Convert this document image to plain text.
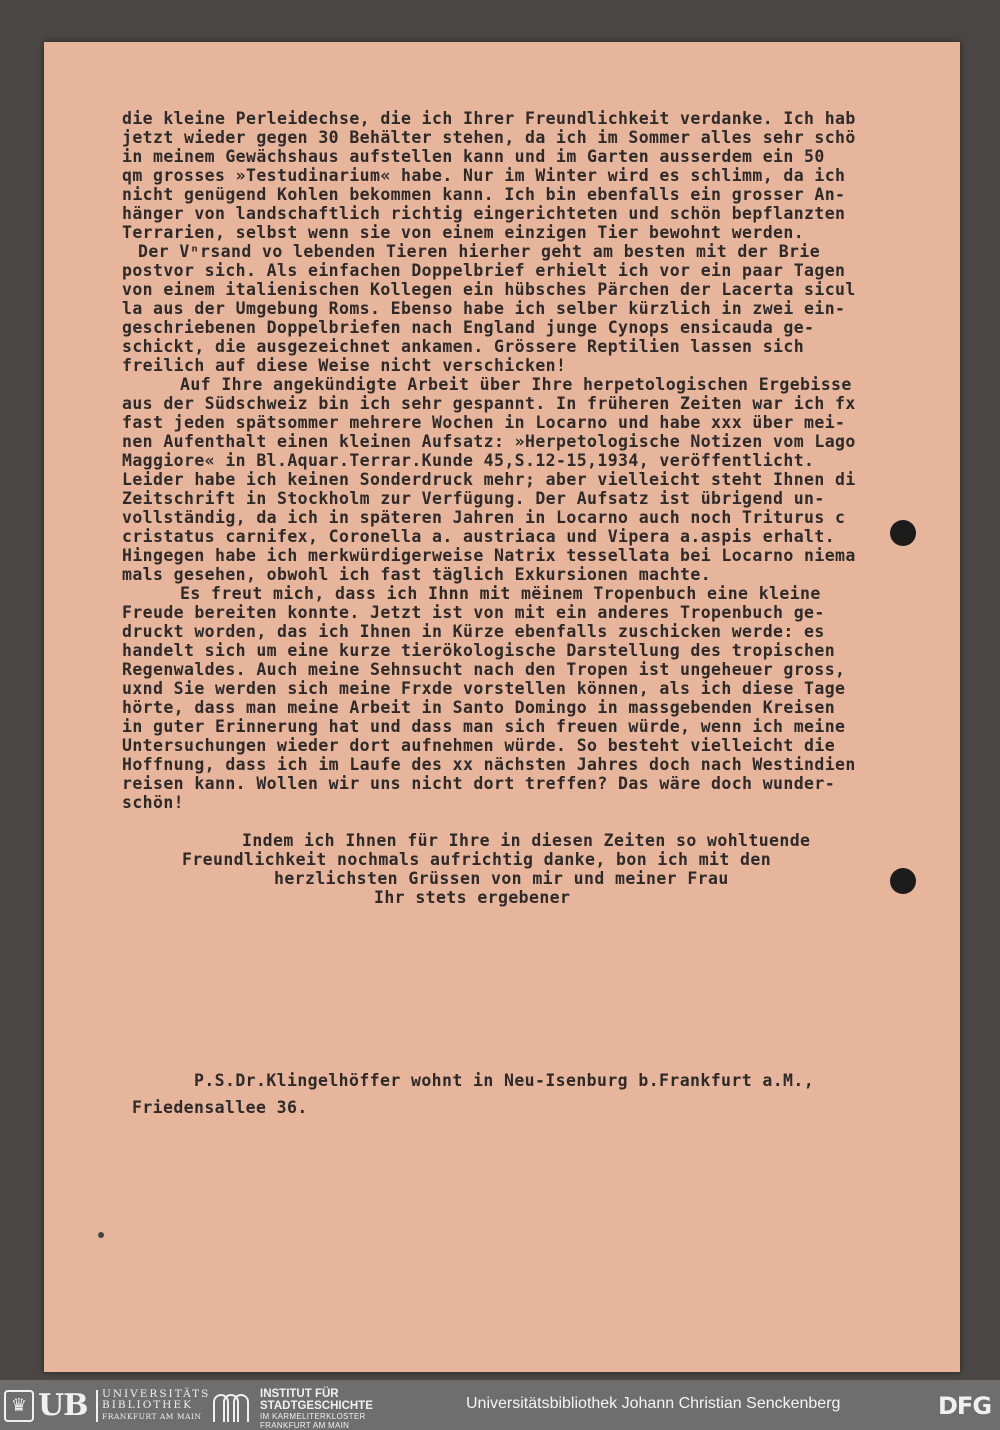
die kleine Perleidechse, die ich Ihrer Freundlichkeit verdanke. Ich hab
jetzt wieder gegen 30 Behälter stehen, da ich im Sommer alles sehr schö
in meinem Gewächshaus aufstellen kann und im Garten ausserdem ein 50
qm grosses »Testudinarium« habe. Nur im Winter wird es schlimm, da ich
nicht genügend Kohlen bekommen kann. Ich bin ebenfalls ein grosser An-
hänger von landschaftlich richtig eingerichteten und schön bepflanzten
Terrarien, selbst wenn sie von einem einzigen Tier bewohnt werden.
Der Vⁿrsand vo lebenden Tieren hierher geht am besten mit der Brie
postvor sich. Als einfachen Doppelbrief erhielt ich vor ein paar Tagen
von einem italienischen Kollegen ein hübsches Pärchen der Lacerta sicul
la aus der Umgebung Roms. Ebenso habe ich selber kürzlich in zwei ein-
geschriebenen Doppelbriefen nach England junge Cynops ensicauda ge-
schickt, die ausgezeichnet ankamen. Grössere Reptilien lassen sich
freilich auf diese Weise nicht verschicken!
Auf Ihre angekündigte Arbeit über Ihre herpetologischen Ergebisse
aus der Südschweiz bin ich sehr gespannt. In früheren Zeiten war ich fx
fast jeden spätsommer mehrere Wochen in Locarno und habe xxx über mei-
nen Aufenthalt einen kleinen Aufsatz: »Herpetologische Notizen vom Lago
Maggiore« in Bl.Aquar.Terrar.Kunde 45,S.12-15,1934, veröffentlicht.
Leider habe ich keinen Sonderdruck mehr; aber vielleicht steht Ihnen di
Zeitschrift in Stockholm zur Verfügung. Der Aufsatz ist übrigend un-
vollständig, da ich in späteren Jahren in Locarno auch noch Triturus c
cristatus carnifex, Coronella a. austriaca und Vipera a.aspis erhalt.
Hingegen habe ich merkwürdigerweise Natrix tessellata bei Locarno niema
mals gesehen, obwohl ich fast täglich Exkursionen machte.
Es freut mich, dass ich Ihnn mit mëinem Tropenbuch eine kleine
Freude bereiten konnte. Jetzt ist von mit ein anderes Tropenbuch ge-
druckt worden, das ich Ihnen in Kürze ebenfalls zuschicken werde: es
handelt sich um eine kurze tierökologische Darstellung des tropischen
Regenwaldes. Auch meine Sehnsucht nach den Tropen ist ungeheuer gross,
uxnd Sie werden sich meine Frxde vorstellen können, als ich diese Tage
hörte, dass man meine Arbeit in Santo Domingo in massgebenden Kreisen
in guter Erinnerung hat und dass man sich freuen würde, wenn ich meine
Untersuchungen wieder dort aufnehmen würde. So besteht vielleicht die
Hoffnung, dass ich im Laufe des xx nächsten Jahres doch nach Westindien
reisen kann. Wollen wir uns nicht dort treffen? Das wäre doch wunder-
schön!
Indem ich Ihnen für Ihre in diesen Zeiten so wohltuende
Freundlichkeit nochmals aufrichtig danke, bon ich mit den
herzlichsten Grüssen von mir und meiner Frau
Ihr stets ergebener
P.S.Dr.Klingelhöffer wohnt in Neu-Isenburg b.Frankfurt a.M.,
Friedensallee 36.
♛ UB UNIVERSITÄTS
BIBLIOTHEK
FRANKFURT AM MAIN
INSTITUT FÜR
STADTGESCHICHTE
IM KARMELITERKLOSTER
FRANKFURT AM MAIN
Universitätsbibliothek Johann Christian Senckenberg	DFG
